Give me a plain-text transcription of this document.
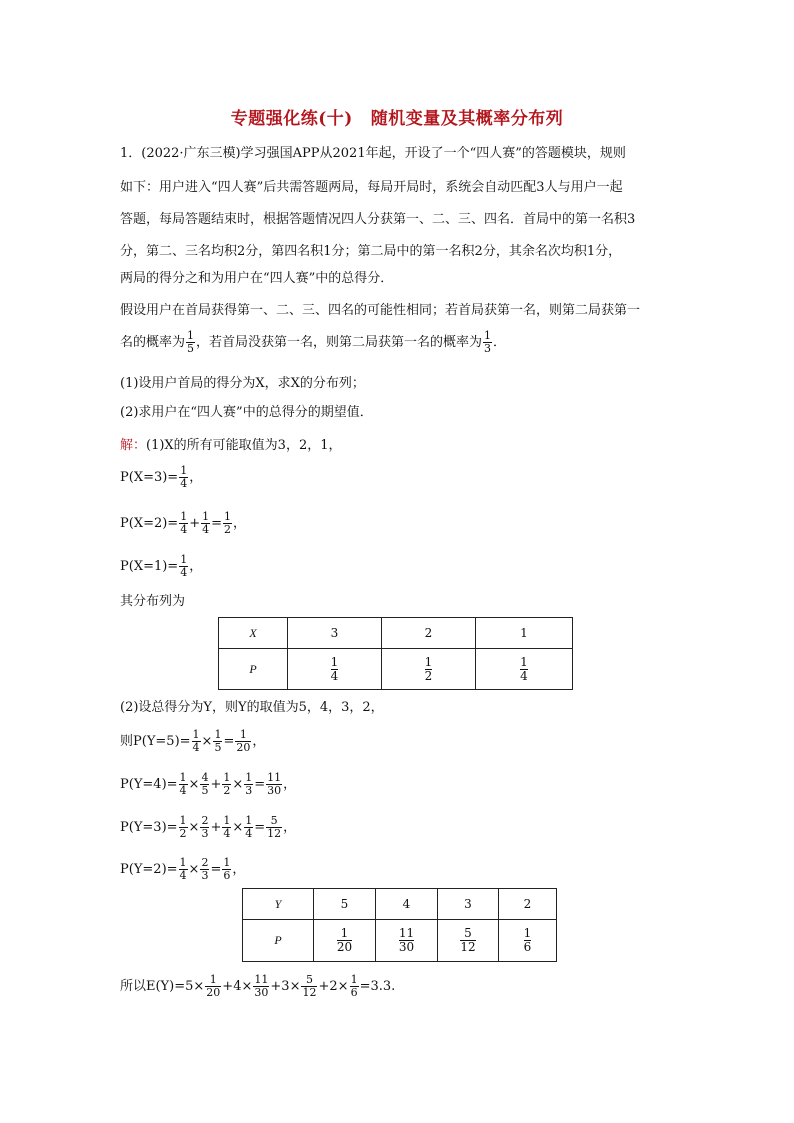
专题强化练(十) 随机变量及其概率分布列
1．(2022·广东三模)学习强国APP从2021年起，开设了一个“四人赛”的答题模块，规则
如下：用户进入“四人赛”后共需答题两局，每局开局时，系统会自动匹配3人与用户一起
答题，每局答题结束时，根据答题情况四人分获第一、二、三、四名．首局中的第一名积3
分，第二、三名均积2分，第四名积1分；第二局中的第一名积2分，其余名次均积1分，
两局的得分之和为用户在“四人赛”中的总得分．
假设用户在首局获得第一、二、三、四名的可能性相同；若首局获第一名，则第二局获第一
名的概率为 $\frac{1}{5}$ ，若首局没获第一名，则第二局获第一名的概率为 $\frac{1}{3}$ ．
(1)设用户首局的得分为X，求X的分布列；
(2)求用户在“四人赛”中的总得分的期望值．
解：(1)X的所有可能取值为3，2，1，
$P(X=3)= \frac{1}{4}$ ，
$P(X=2)= \frac{1}{4} + \frac{1}{4} = \frac{1}{2}$ ，
$P(X=1)= \frac{1}{4}$ ，
其分布列为
X	3	2	1
P	$\frac{1}{4}$	$\frac{1}{2}$	$\frac{1}{4}$
(2)设总得分为Y，则Y的取值为5，4，3，2，
则$P(Y=5)= \frac{1}{4} \times \frac{1}{5} = \frac{1}{20}$ ，
$P(Y=4)= \frac{1}{4} \times \frac{4}{5} + \frac{1}{2} \times \frac{1}{3} = \frac{11}{30}$ ，
$P(Y=3)= \frac{1}{2} \times \frac{2}{3} + \frac{1}{4} \times \frac{1}{4} = \frac{5}{12}$ ，
$P(Y=2)= \frac{1}{4} \times \frac{2}{3} = \frac{1}{6}$ ，
Y	5	4	3	2
P	$\frac{1}{20}$	$\frac{11}{30}$	$\frac{5}{12}$	$\frac{1}{6}$
所以$E(Y)=5\times \frac{1}{20} +4\times \frac{11}{30} +3\times \frac{5}{12} +2\times \frac{1}{6} =3.3$.
